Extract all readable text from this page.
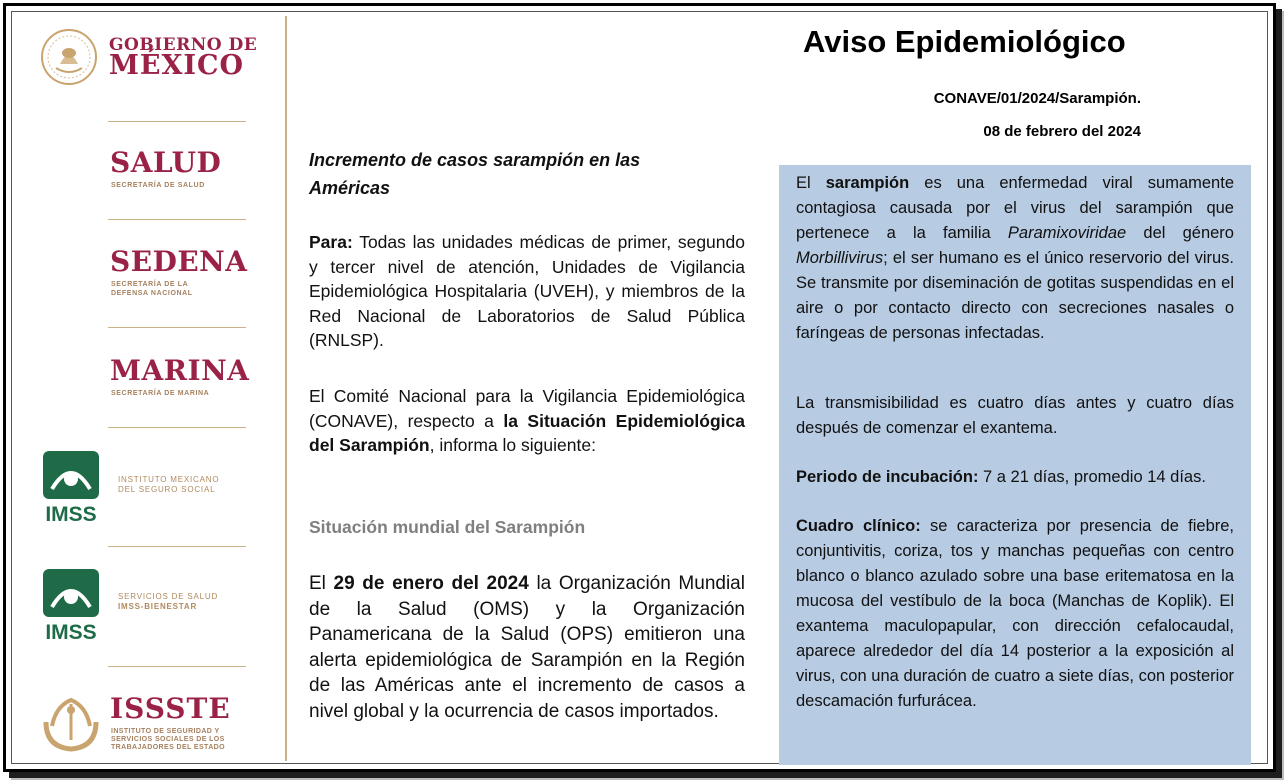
GOBIERNO DE
MÉXICO
SALUD
SECRETARÍA DE SALUD
SEDENA
SECRETARÍA DE LA
DEFENSA NACIONAL
MARINA
SECRETARÍA DE MARINA
IMSS
INSTITUTO MEXICANO
DEL SEGURO SOCIAL
IMSS
SERVICIOS DE SALUD
IMSS-BIENESTAR
ISSSTE
INSTITUTO DE SEGURIDAD Y SERVICIOS SOCIALES DE LOS TRABAJADORES DEL ESTADO
Aviso Epidemiológico
CONAVE/01/2024/Sarampión.
08 de febrero del 2024
Incremento de casos sarampión en las
Américas
Para: Todas las unidades médicas de primer, segundo y tercer nivel de atención, Unidades de Vigilancia Epidemiológica Hospitalaria (UVEH), y miembros de la Red Nacional de Laboratorios de Salud Pública (RNLSP).
El Comité Nacional para la Vigilancia Epidemiológica (CONAVE), respecto a la Situación Epidemiológica del Sarampión, informa lo siguiente:
Situación mundial del Sarampión
El 29 de enero del 2024 la Organización Mundial de la Salud (OMS) y la Organización Panamericana de la Salud (OPS) emitieron una alerta epidemiológica de Sarampión en la Región de las Américas ante el incremento de casos a nivel global y la ocurrencia de casos importados.

El sarampión es una enfermedad viral sumamente contagiosa causada por el virus del sarampión que pertenece a la familia Paramixoviridae del género Morbillivirus; el ser humano es el único reservorio del virus. Se transmite por diseminación de gotitas suspendidas en el aire o por contacto directo con secreciones nasales o faríngeas de personas infectadas.

La transmisibilidad es cuatro días antes y cuatro días después de comenzar el exantema.

Periodo de incubación: 7 a 21 días, promedio 14 días.

Cuadro clínico: se caracteriza por presencia de fiebre, conjuntivitis, coriza, tos y manchas pequeñas con centro blanco o blanco azulado sobre una base eritematosa en la mucosa del vestíbulo de la boca (Manchas de Koplik). El exantema maculopapular, con dirección cefalocaudal, aparece alrededor del día 14 posterior a la exposición al virus, con una duración de cuatro a siete días, con posterior descamación furfurácea.
